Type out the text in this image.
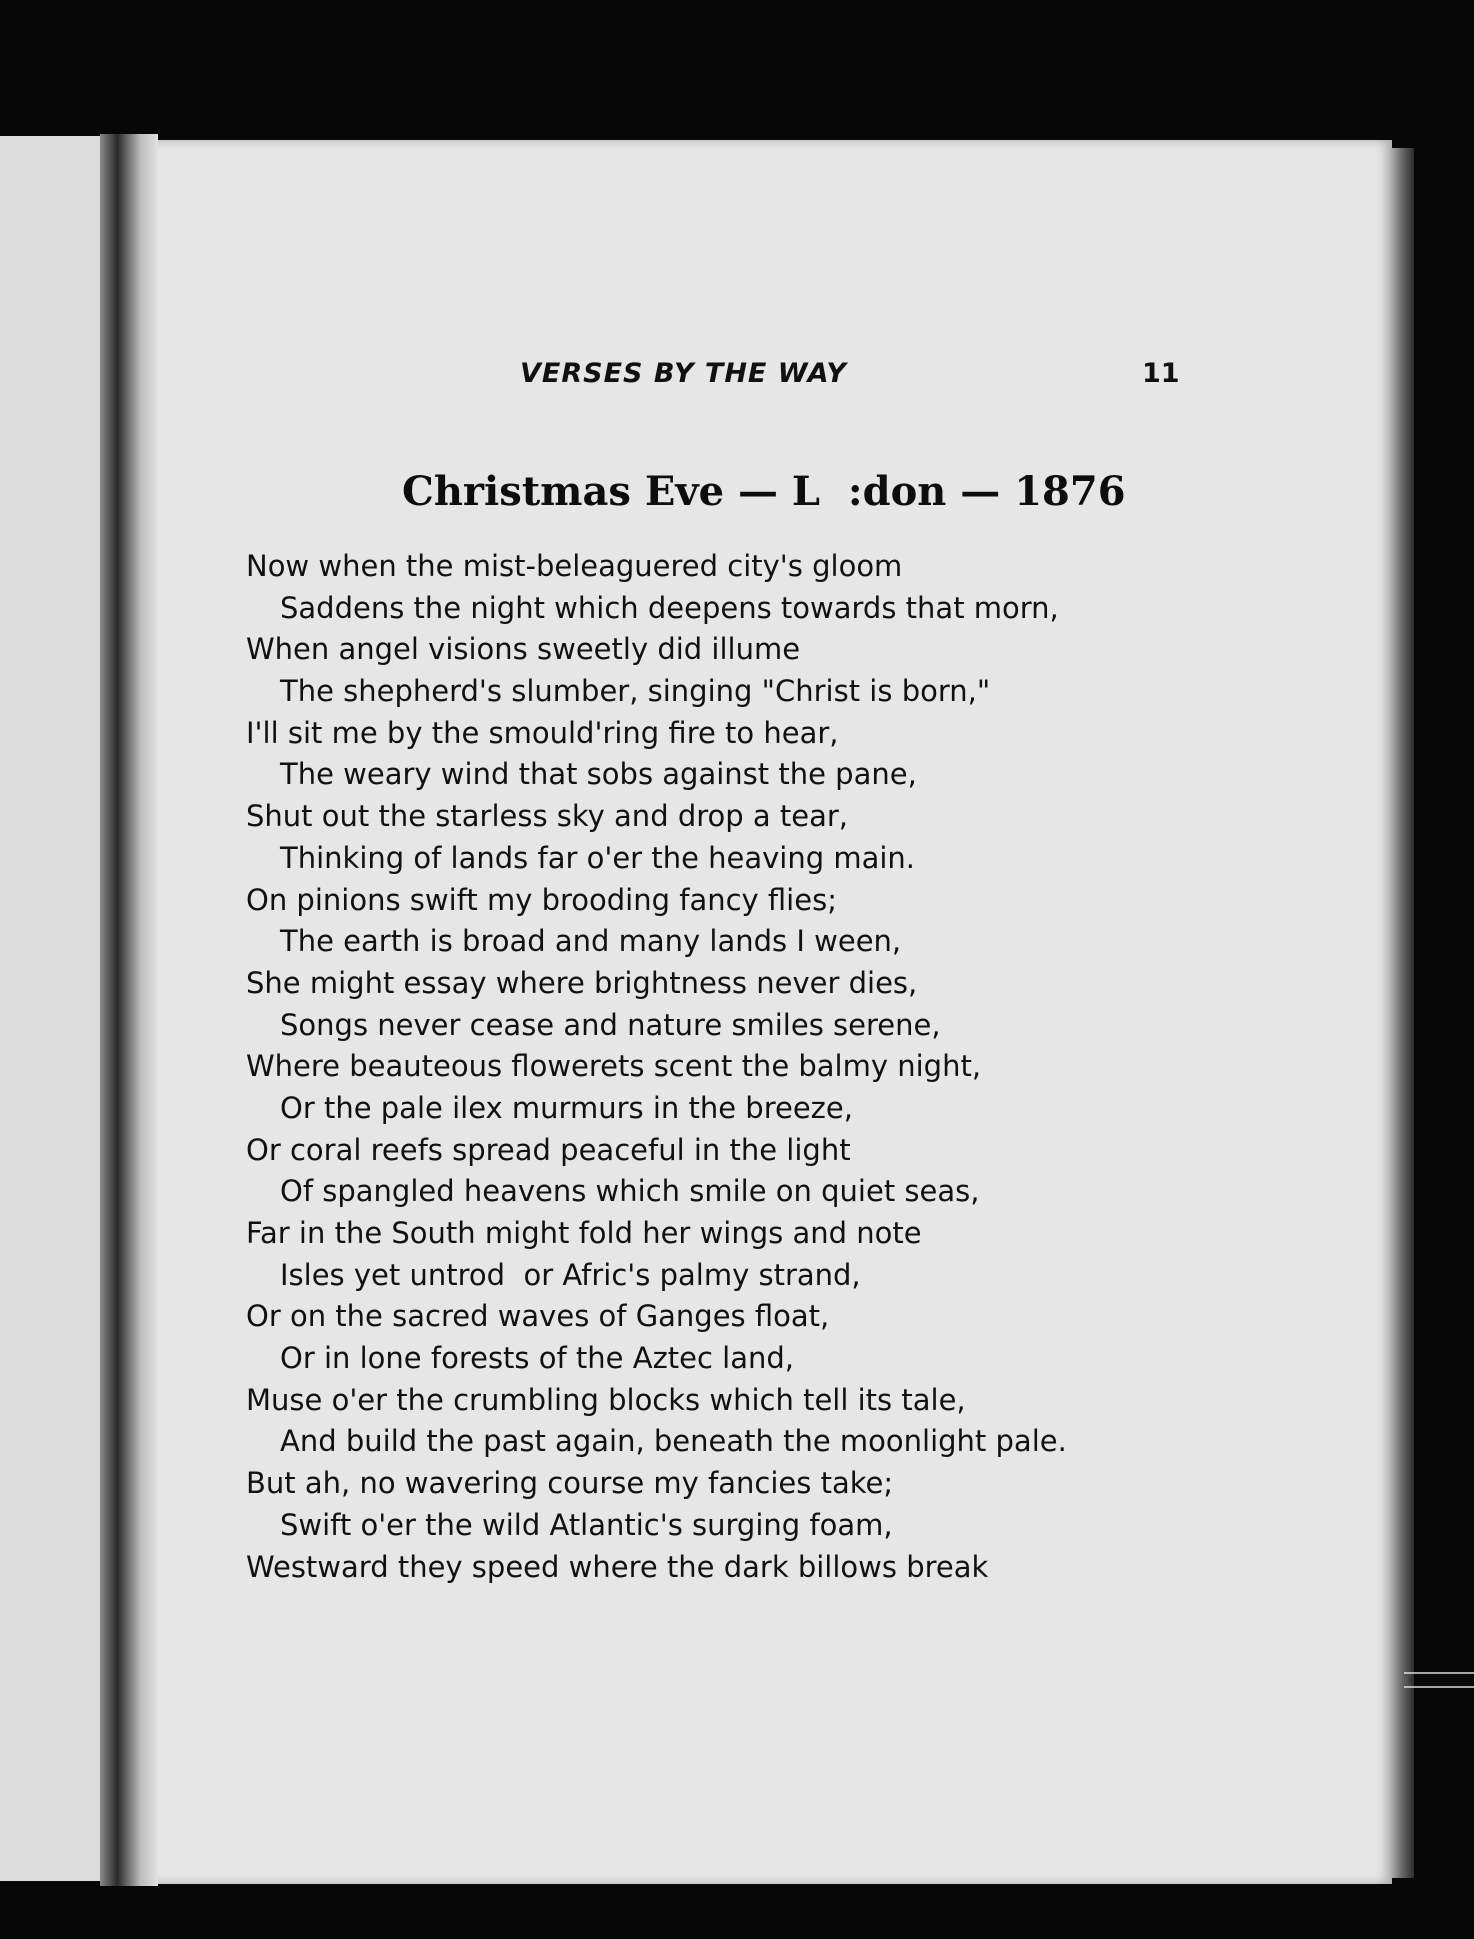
VERSES BY THE WAY	11
Christmas Eve — L  :don — 1876
Now when the mist-beleaguered city's gloom
Saddens the night which deepens towards that morn,
When angel visions sweetly did illume
The shepherd's slumber, singing "Christ is born,"
I'll sit me by the smould'ring fire to hear,
The weary wind that sobs against the pane,
Shut out the starless sky and drop a tear,
Thinking of lands far o'er the heaving main.
On pinions swift my brooding fancy flies;
The earth is broad and many lands I ween,
She might essay where brightness never dies,
Songs never cease and nature smiles serene,
Where beauteous flowerets scent the balmy night,
Or the pale ilex murmurs in the breeze,
Or coral reefs spread peaceful in the light
Of spangled heavens which smile on quiet seas,
Far in the South might fold her wings and note
Isles yet untrod  or Afric's palmy strand,
Or on the sacred waves of Ganges float,
Or in lone forests of the Aztec land,
Muse o'er the crumbling blocks which tell its tale,
And build the past again, beneath the moonlight pale.
But ah, no wavering course my fancies take;
Swift o'er the wild Atlantic's surging foam,
Westward they speed where the dark billows break
